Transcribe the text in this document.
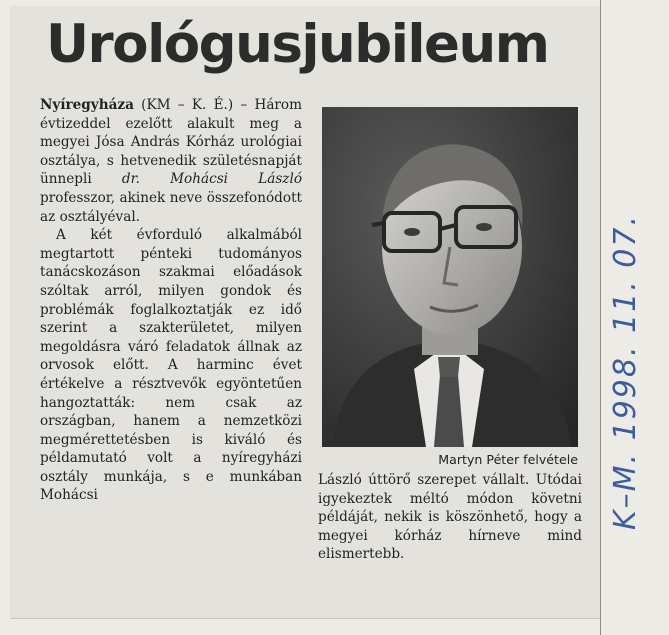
Urológusjubileum

Nyíregyháza (KM – K. É.) – Három évtizeddel ezelőtt alakult meg a megyei Jósa András Kórház urológiai osztálya, s hetvenedik születésnapját ünnepli dr. Mohácsi László professzor, akinek neve összefonódott az osztályéval.

A két évforduló alkalmából megtartott pénteki tudományos tanácskozáson szakmai előadások szóltak arról, milyen gondok és problémák foglalkoztatják ez idő szerint a szakterületet, milyen megoldásra váró feladatok állnak az orvosok előtt. A harminc évet értékelve a résztvevők egyöntetűen hangoztatták: nem csak az országban, hanem a nemzetközi megmérettetésben is kiváló és példamutató volt a nyíregyházi osztály munkája, s e munkában Mohácsi

Martyn Péter felvétele

László úttörő szerepet vállalt. Utódai igyekeztek méltó módon követni példáját, nekik is köszönhető, hogy a megyei kórház hírneve mind elismertebb.

K–M. 1998. 11. 07.
